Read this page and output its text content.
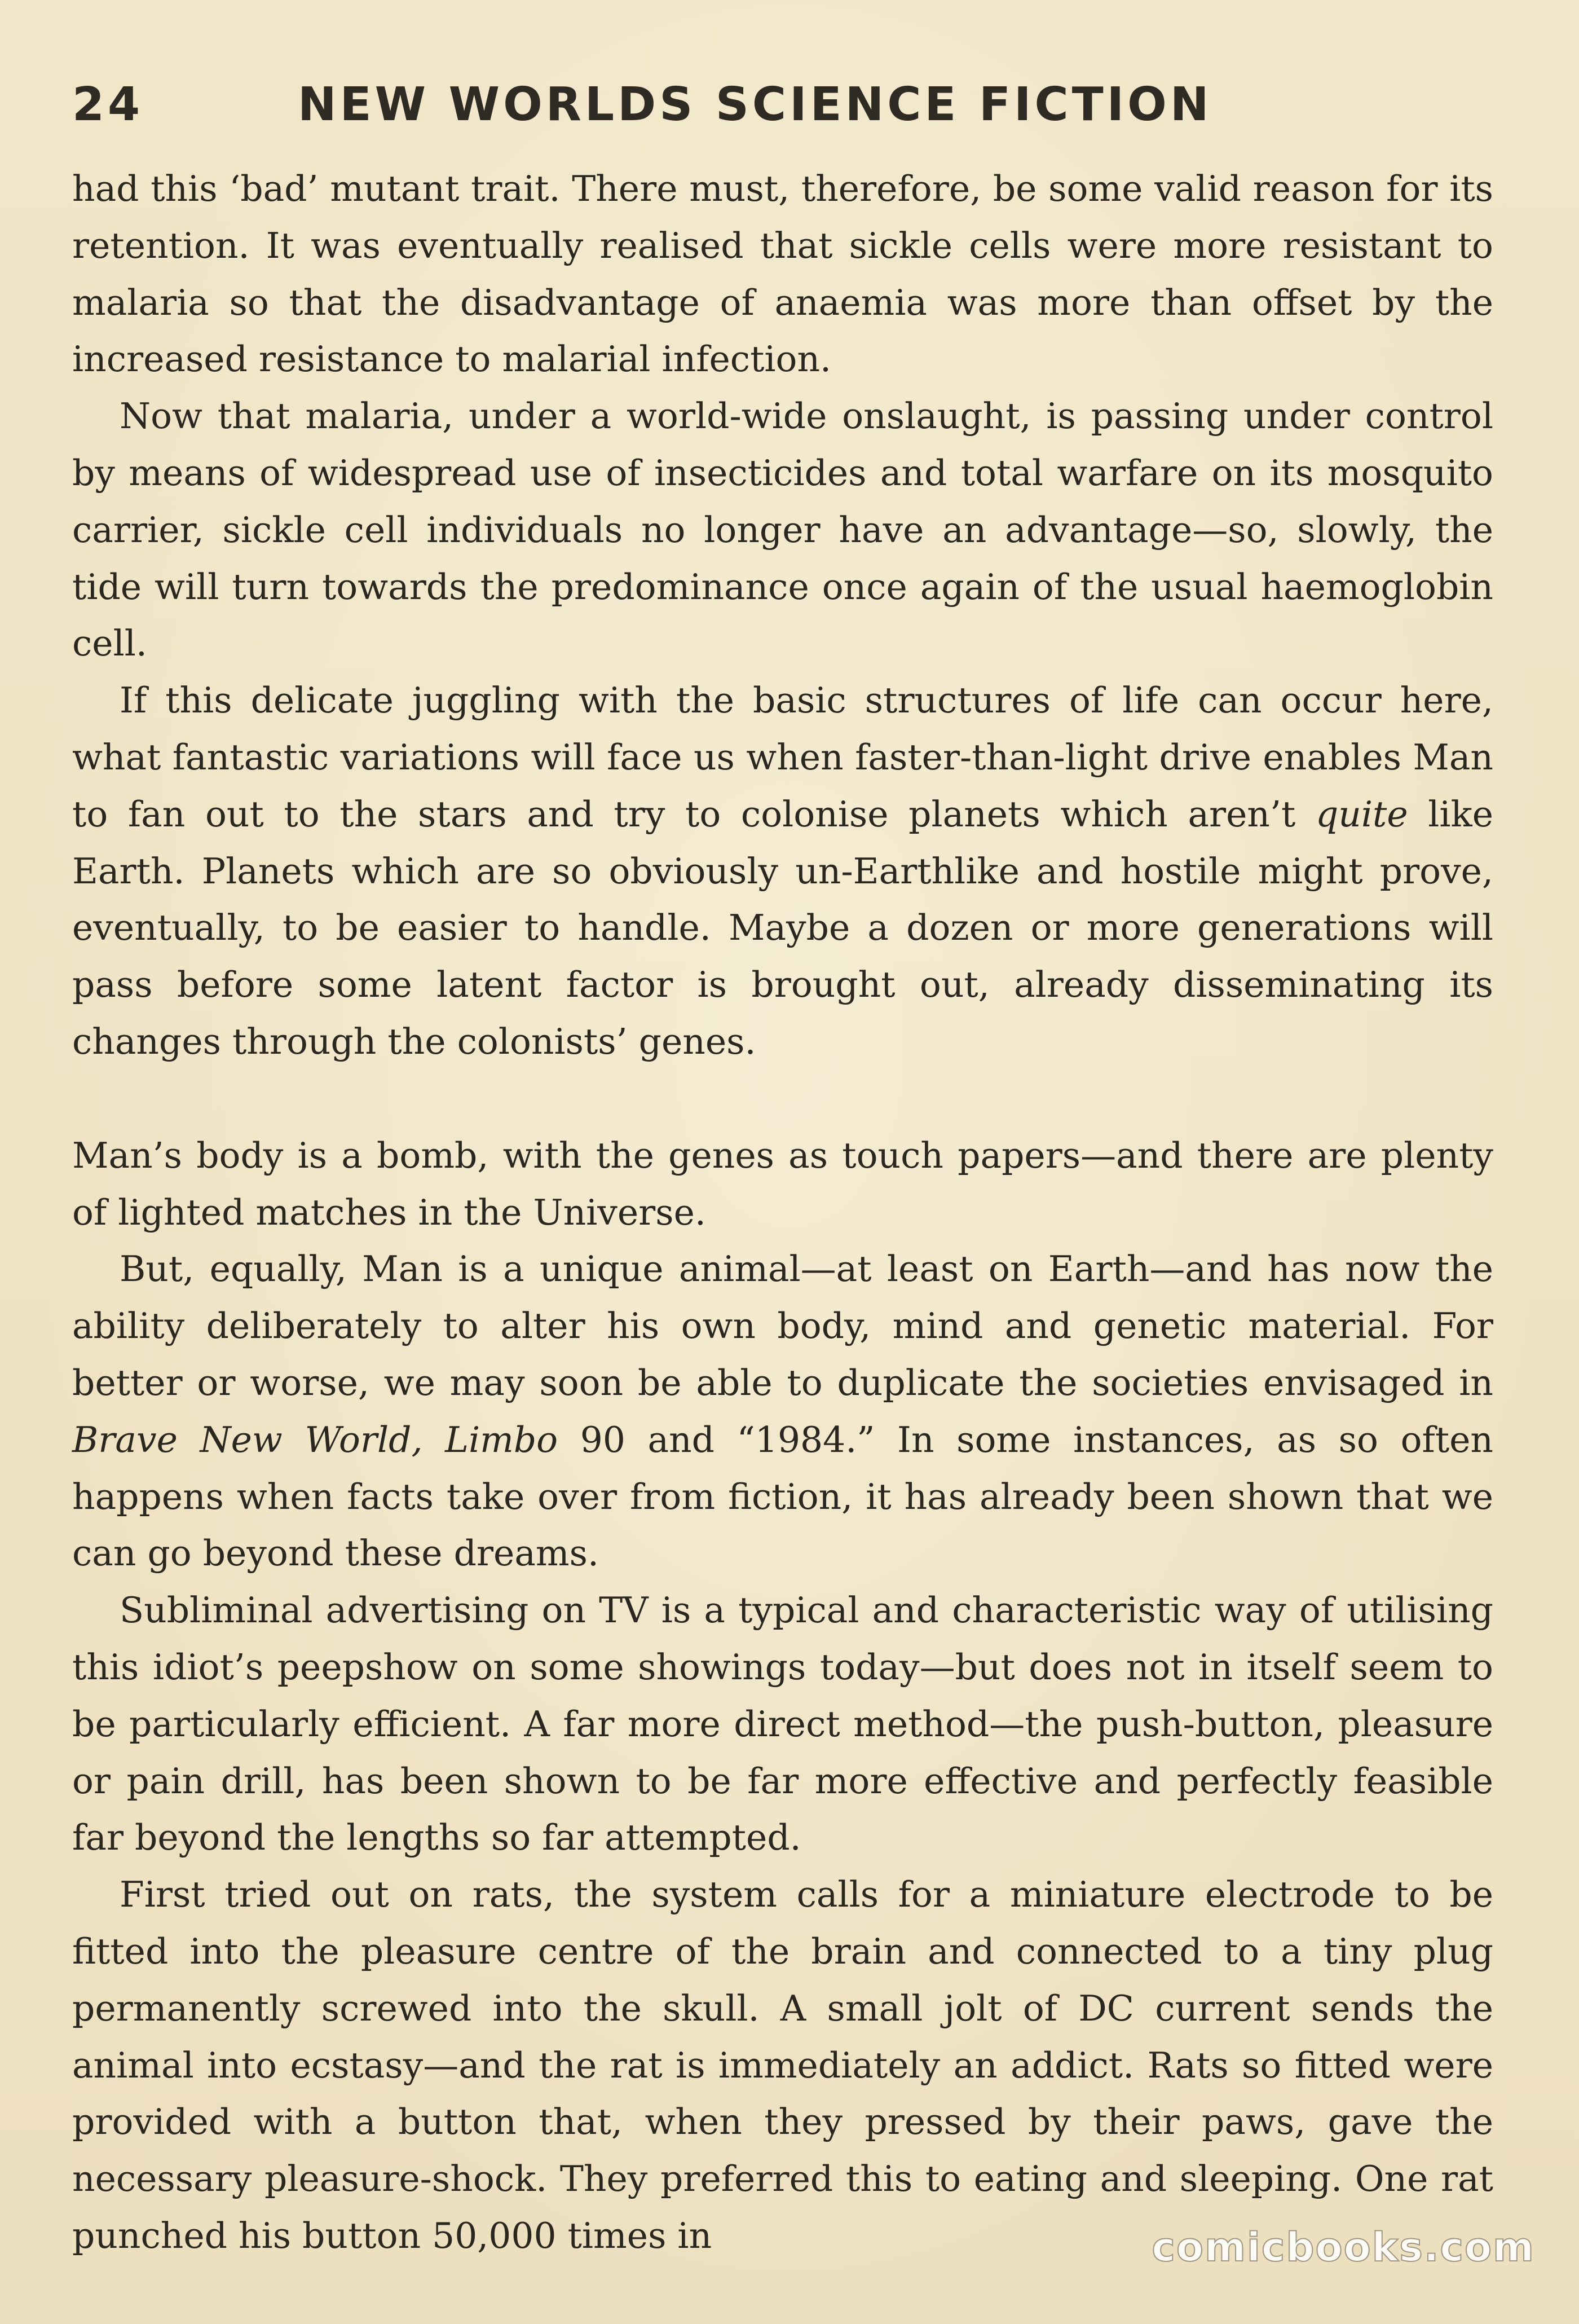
24	NEW WORLDS SCIENCE FICTION

had this ‘bad’ mutant trait. There must, therefore, be some valid reason for its retention. It was eventually realised that sickle cells were more resistant to malaria so that the disadvantage of anaemia was more than offset by the increased resistance to malarial infection.

Now that malaria, under a world-wide onslaught, is passing under control by means of widespread use of insecticides and total warfare on its mosquito carrier, sickle cell individuals no longer have an advantage—so, slowly, the tide will turn towards the predominance once again of the usual haemoglobin cell.

If this delicate juggling with the basic structures of life can occur here, what fantastic variations will face us when faster-than-light drive enables Man to fan out to the stars and try to colonise planets which aren’t quite like Earth. Planets which are so obviously un-Earthlike and hostile might prove, eventually, to be easier to handle. Maybe a dozen or more generations will pass before some latent factor is brought out, already disseminating its changes through the colonists’ genes.

Man’s body is a bomb, with the genes as touch papers—and there are plenty of lighted matches in the Universe.

But, equally, Man is a unique animal—at least on Earth—and has now the ability deliberately to alter his own body, mind and genetic material. For better or worse, we may soon be able to duplicate the societies envisaged in Brave New World, Limbo 90 and “1984.” In some instances, as so often happens when facts take over from fiction, it has already been shown that we can go beyond these dreams.

Subliminal advertising on TV is a typical and characteristic way of utilising this idiot’s peepshow on some showings today—but does not in itself seem to be particularly efficient. A far more direct method—the push-button, pleasure or pain drill, has been shown to be far more effective and perfectly feasible far beyond the lengths so far attempted.

First tried out on rats, the system calls for a miniature electrode to be fitted into the pleasure centre of the brain and connected to a tiny plug permanently screwed into the skull. A small jolt of DC current sends the animal into ecstasy—and the rat is immediately an addict. Rats so fitted were provided with a button that, when they pressed by their paws, gave the necessary pleasure-shock. They preferred this to eating and sleeping. One rat punched his button 50,000 times in	comicbooks.com
